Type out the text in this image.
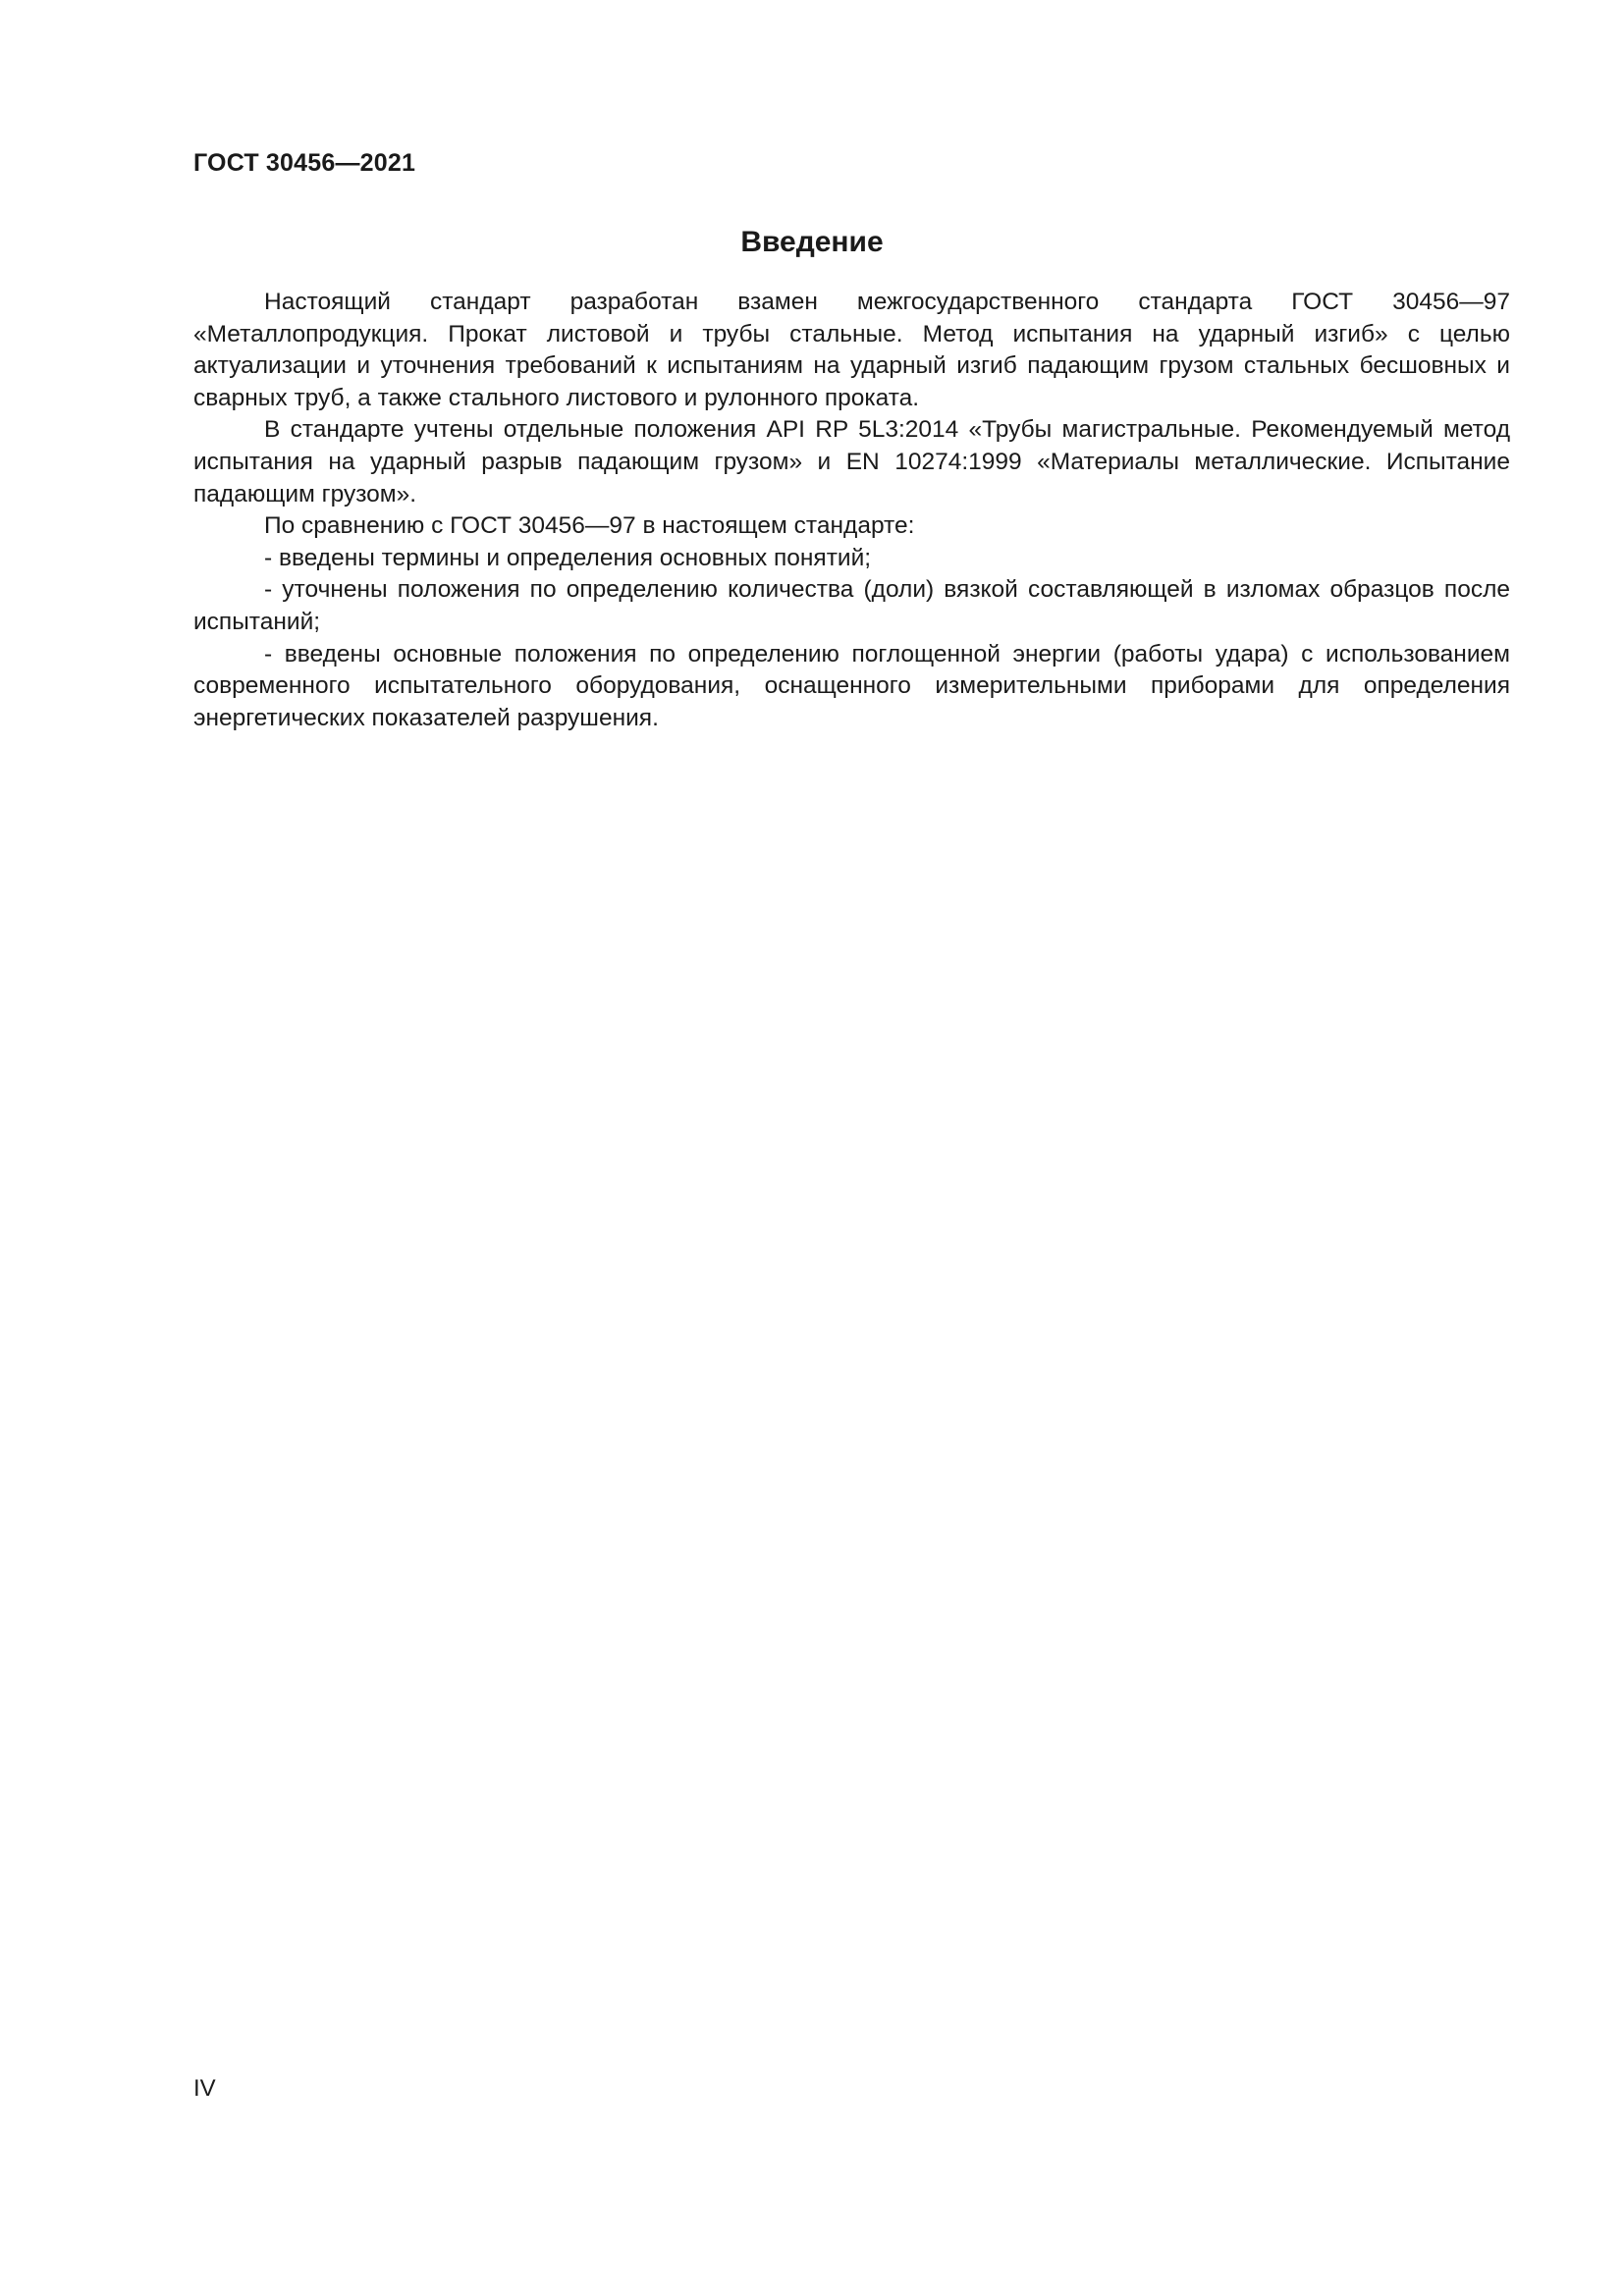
ГОСТ 30456—2021
Введение

Настоящий стандарт разработан взамен межгосударственного стандарта ГОСТ 30456—97 «Металлопродукция. Прокат листовой и трубы стальные. Метод испытания на ударный изгиб» с целью актуализации и уточнения требований к испытаниям на ударный изгиб падающим грузом стальных бесшовных и сварных труб, а также стального листового и рулонного проката.

В стандарте учтены отдельные положения API RP 5L3:2014 «Трубы магистральные. Рекомендуемый метод испытания на ударный разрыв падающим грузом» и EN 10274:1999 «Материалы металлические. Испытание падающим грузом».

По сравнению с ГОСТ 30456—97 в настоящем стандарте:

- введены термины и определения основных понятий;

- уточнены положения по определению количества (доли) вязкой составляющей в изломах образцов после испытаний;

- введены основные положения по определению поглощенной энергии (работы удара) с использованием современного испытательного оборудования, оснащенного измерительными приборами для определения энергетических показателей разрушения.

IV
